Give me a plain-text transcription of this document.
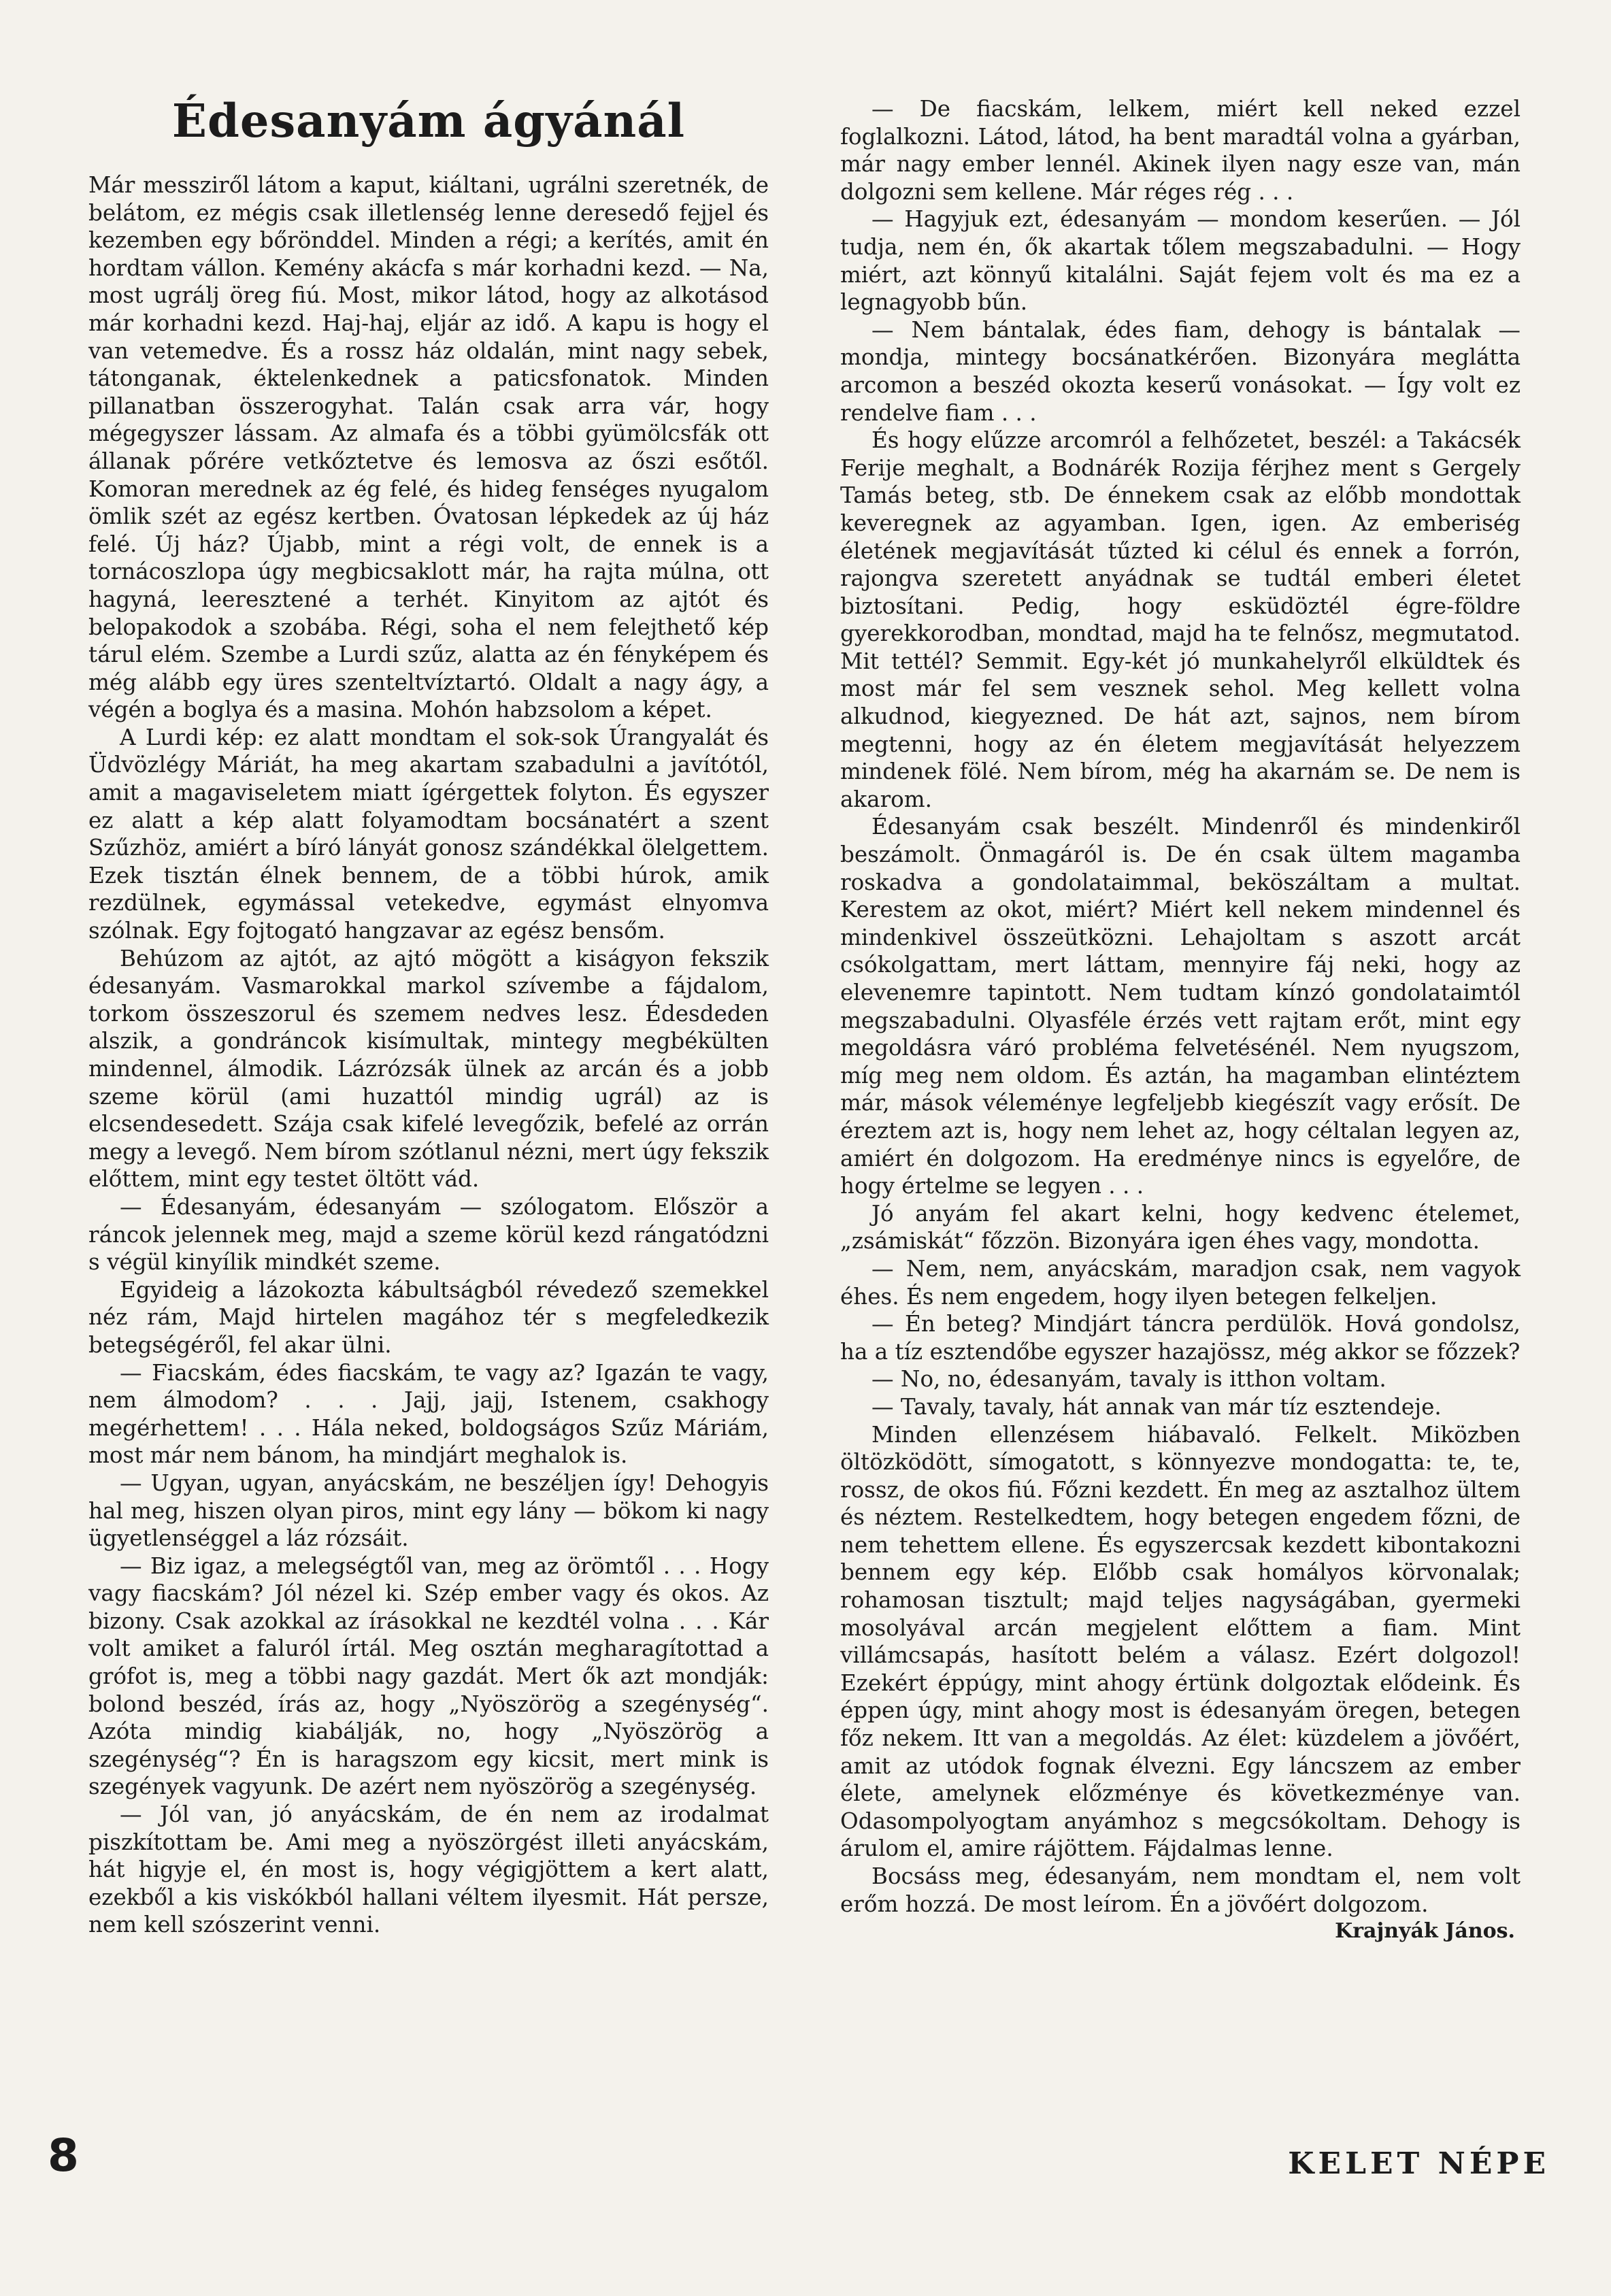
Édesanyám ágyánál

Már messziről látom a kaput, kiáltani, ugrálni szeretnék, de belátom, ez mégis csak illetlenség lenne deresedő fejjel és kezemben egy bőrönddel. Minden a régi; a kerítés, amit én hordtam vállon. Kemény akácfa s már korhadni kezd. — Na, most ugrálj öreg fiú. Most, mikor látod, hogy az alkotásod már korhadni kezd. Haj-haj, eljár az idő. A kapu is hogy el van vetemedve. És a rossz ház oldalán, mint nagy sebek, tátonganak, éktelenkednek a paticsfonatok. Minden pillanatban összerogyhat. Talán csak arra vár, hogy mégegyszer lássam. Az almafa és a többi gyümölcsfák ott állanak pőrére vetkőztetve és lemosva az őszi esőtől. Komoran merednek az ég felé, és hideg fenséges nyugalom ömlik szét az egész kertben. Óvatosan lépkedek az új ház felé. Új ház? Újabb, mint a régi volt, de ennek is a tornácoszlopa úgy megbicsaklott már, ha rajta múlna, ott hagyná, leeresztené a terhét. Kinyitom az ajtót és belopakodok a szobába. Régi, soha el nem felejthető kép tárul elém. Szembe a Lurdi szűz, alatta az én fényképem és még alább egy üres szenteltvíztartó. Oldalt a nagy ágy, a végén a boglya és a masina. Mohón habzsolom a képet.

A Lurdi kép: ez alatt mondtam el sok-sok Úrangyalát és Üdvözlégy Máriát, ha meg akartam szabadulni a javítótól, amit a magaviseletem miatt ígérgettek folyton. És egyszer ez alatt a kép alatt folyamodtam bocsánatért a szent Szűzhöz, amiért a bíró lányát gonosz szándékkal ölelgettem. Ezek tisztán élnek bennem, de a többi húrok, amik rezdülnek, egymással vetekedve, egymást elnyomva szólnak. Egy fojtogató hangzavar az egész bensőm.

Behúzom az ajtót, az ajtó mögött a kiságyon fekszik édesanyám. Vasmarokkal markol szívembe a fájdalom, torkom összeszorul és szemem nedves lesz. Édesdeden alszik, a gondráncok kisímultak, mintegy megbékülten mindennel, álmodik. Lázrózsák ülnek az arcán és a jobb szeme körül (ami huzattól mindig ugrál) az is elcsendesedett. Szája csak kifelé levegőzik, befelé az orrán megy a levegő. Nem bírom szótlanul nézni, mert úgy fekszik előttem, mint egy testet öltött vád.

— Édesanyám, édesanyám — szólogatom. Először a ráncok jelennek meg, majd a szeme körül kezd rángatódzni s végül kinyílik mindkét szeme.

Egyideig a lázokozta kábultságból révedező szemekkel néz rám, Majd hirtelen magához tér s megfeledkezik betegségéről, fel akar ülni.

— Fiacskám, édes fiacskám, te vagy az? Igazán te vagy, nem álmodom? . . . Jajj, jajj, Istenem, csakhogy megérhettem! . . . Hála neked, boldogságos Szűz Máriám, most már nem bánom, ha mindjárt meghalok is.

— Ugyan, ugyan, anyácskám, ne beszéljen így! Dehogyis hal meg, hiszen olyan piros, mint egy lány — bökom ki nagy ügyetlenséggel a láz rózsáit.

— Biz igaz, a melegségtől van, meg az örömtől . . . Hogy vagy fiacskám? Jól nézel ki. Szép ember vagy és okos. Az bizony. Csak azokkal az írásokkal ne kezdtél volna . . . Kár volt amiket a faluról írtál. Meg osztán megharagítottad a grófot is, meg a többi nagy gazdát. Mert ők azt mondják: bolond beszéd, írás az, hogy „Nyöszörög a szegénység“. Azóta mindig kiabálják, no, hogy „Nyöszörög a szegénység“? Én is haragszom egy kicsit, mert mink is szegények vagyunk. De azért nem nyöszörög a szegénység.

— Jól van, jó anyácskám, de én nem az irodalmat piszkítottam be. Ami meg a nyöszörgést illeti anyácskám, hát higyje el, én most is, hogy végigjöttem a kert alatt, ezekből a kis viskókból hallani véltem ilyesmit. Hát persze, nem kell szószerint venni.

— De fiacskám, lelkem, miért kell neked ezzel foglalkozni. Látod, látod, ha bent maradtál volna a gyárban, már nagy ember lennél. Akinek ilyen nagy esze van, mán dolgozni sem kellene. Már réges rég . . .

— Hagyjuk ezt, édesanyám — mondom keserűen. — Jól tudja, nem én, ők akartak tőlem megszabadulni. — Hogy miért, azt könnyű kitalálni. Saját fejem volt és ma ez a legnagyobb bűn.

— Nem bántalak, édes fiam, dehogy is bántalak — mondja, mintegy bocsánatkérően. Bizonyára meglátta arcomon a beszéd okozta keserű vonásokat. — Így volt ez rendelve fiam . . .

És hogy elűzze arcomról a felhőzetet, beszél: a Takácsék Ferije meghalt, a Bodnárék Rozija férjhez ment s Gergely Tamás beteg, stb. De énnekem csak az előbb mondottak keveregnek az agyamban. Igen, igen. Az emberiség életének megjavítását tűzted ki célul és ennek a forrón, rajongva szeretett anyádnak se tudtál emberi életet biztosítani. Pedig, hogy esküdöztél égre-földre gyerekkorodban, mondtad, majd ha te felnősz, megmutatod. Mit tettél? Semmit. Egy-két jó munkahelyről elküldtek és most már fel sem vesznek sehol. Meg kellett volna alkudnod, kiegyezned. De hát azt, sajnos, nem bírom megtenni, hogy az én életem megjavítását helyezzem mindenek fölé. Nem bírom, még ha akarnám se. De nem is akarom.

Édesanyám csak beszélt. Mindenről és mindenkiről beszámolt. Önmagáról is. De én csak ültem magamba roskadva a gondolataimmal, beköszáltam a multat. Kerestem az okot, miért? Miért kell nekem mindennel és mindenkivel összeütközni. Lehajoltam s aszott arcát csókolgattam, mert láttam, mennyire fáj neki, hogy az elevenemre tapintott. Nem tudtam kínzó gondolataimtól megszabadulni. Olyasféle érzés vett rajtam erőt, mint egy megoldásra váró probléma felvetésénél. Nem nyugszom, míg meg nem oldom. És aztán, ha magamban elintéztem már, mások véleménye legfeljebb kiegészít vagy erősít. De éreztem azt is, hogy nem lehet az, hogy céltalan legyen az, amiért én dolgozom. Ha eredménye nincs is egyelőre, de hogy értelme se legyen . . .

Jó anyám fel akart kelni, hogy kedvenc ételemet, „zsámiskát“ főzzön. Bizonyára igen éhes vagy, mondotta.

— Nem, nem, anyácskám, maradjon csak, nem vagyok éhes. És nem engedem, hogy ilyen betegen felkeljen.

— Én beteg? Mindjárt táncra perdülök. Hová gondolsz, ha a tíz esztendőbe egyszer hazajössz, még akkor se főzzek?

— No, no, édesanyám, tavaly is itthon voltam.

— Tavaly, tavaly, hát annak van már tíz esztendeje.

Minden ellenzésem hiábavaló. Felkelt. Miközben öltözködött, símogatott, s könnyezve mondogatta: te, te, rossz, de okos fiú. Főzni kezdett. Én meg az asztalhoz ültem és néztem. Restelkedtem, hogy betegen engedem főzni, de nem tehettem ellene. És egyszercsak kezdett kibontakozni bennem egy kép. Előbb csak homályos körvonalak; rohamosan tisztult; majd teljes nagyságában, gyermeki mosolyával arcán megjelent előttem a fiam. Mint villámcsapás, hasított belém a válasz. Ezért dolgozol! Ezekért éppúgy, mint ahogy értünk dolgoztak elődeink. És éppen úgy, mint ahogy most is édesanyám öregen, betegen főz nekem. Itt van a megoldás. Az élet: küzdelem a jövőért, amit az utódok fognak élvezni. Egy láncszem az ember élete, amelynek előzménye és következménye van. Odasompolyogtam anyámhoz s megcsókoltam. Dehogy is árulom el, amire rájöttem. Fájdalmas lenne.

Bocsáss meg, édesanyám, nem mondtam el, nem volt erőm hozzá. De most leírom. Én a jövőért dolgozom.

Krajnyák János.
8	KELET NÉPE
